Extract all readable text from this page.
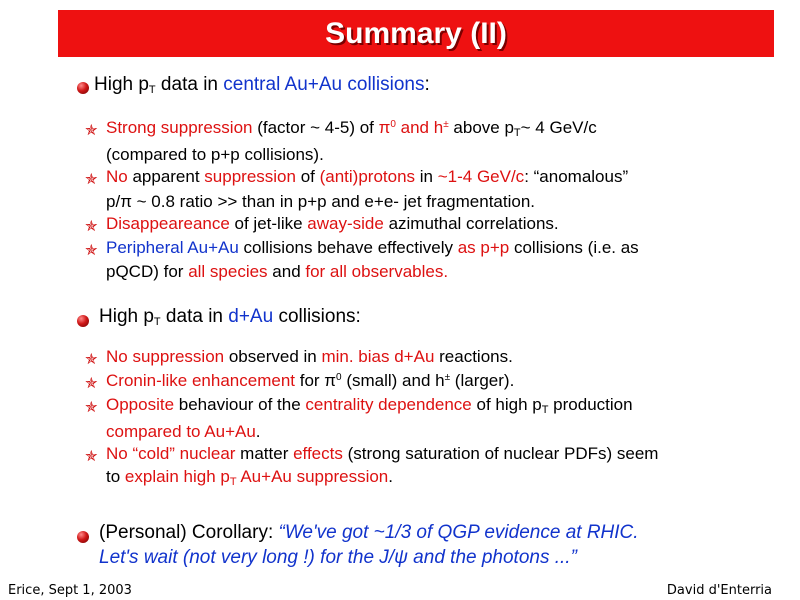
Summary (II)
High $p_T$ data in central Au+Au collisions:
✯ Strong suppression (factor ~ 4-5) of $\pi^0$ and h± above $p_T\sim$ 4 GeV/c
(compared to p+p collisions).
✯ No apparent suppression of (anti)protons in ~1-4 GeV/c: “anomalous”
p/π ~ 0.8 ratio >> than in p+p and e+e- jet fragmentation.
✯ Disappeareance of jet-like away-side azimuthal correlations.
✯ Peripheral Au+Au collisions behave effectively as p+p collisions (i.e. as
pQCD) for all species and for all observables.
High $p_T$ data in d+Au collisions:
✯ No suppression observed in min. bias d+Au reactions.
✯ Cronin-like enhancement for $\pi^0$ (small) and h± (larger).
✯ Opposite behaviour of the centrality dependence of high $p_T$ production
compared to Au+Au.
✯ No “cold” nuclear matter effects (strong saturation of nuclear PDFs) seem
to explain high $p_T$ Au+Au suppression.
(Personal) Corollary: “We've got ~1/3 of QGP evidence at RHIC.
Let's wait (not very long !) for the J/ψ and the photons ...”
Erice, Sept 1, 2003	David d'Enterria
